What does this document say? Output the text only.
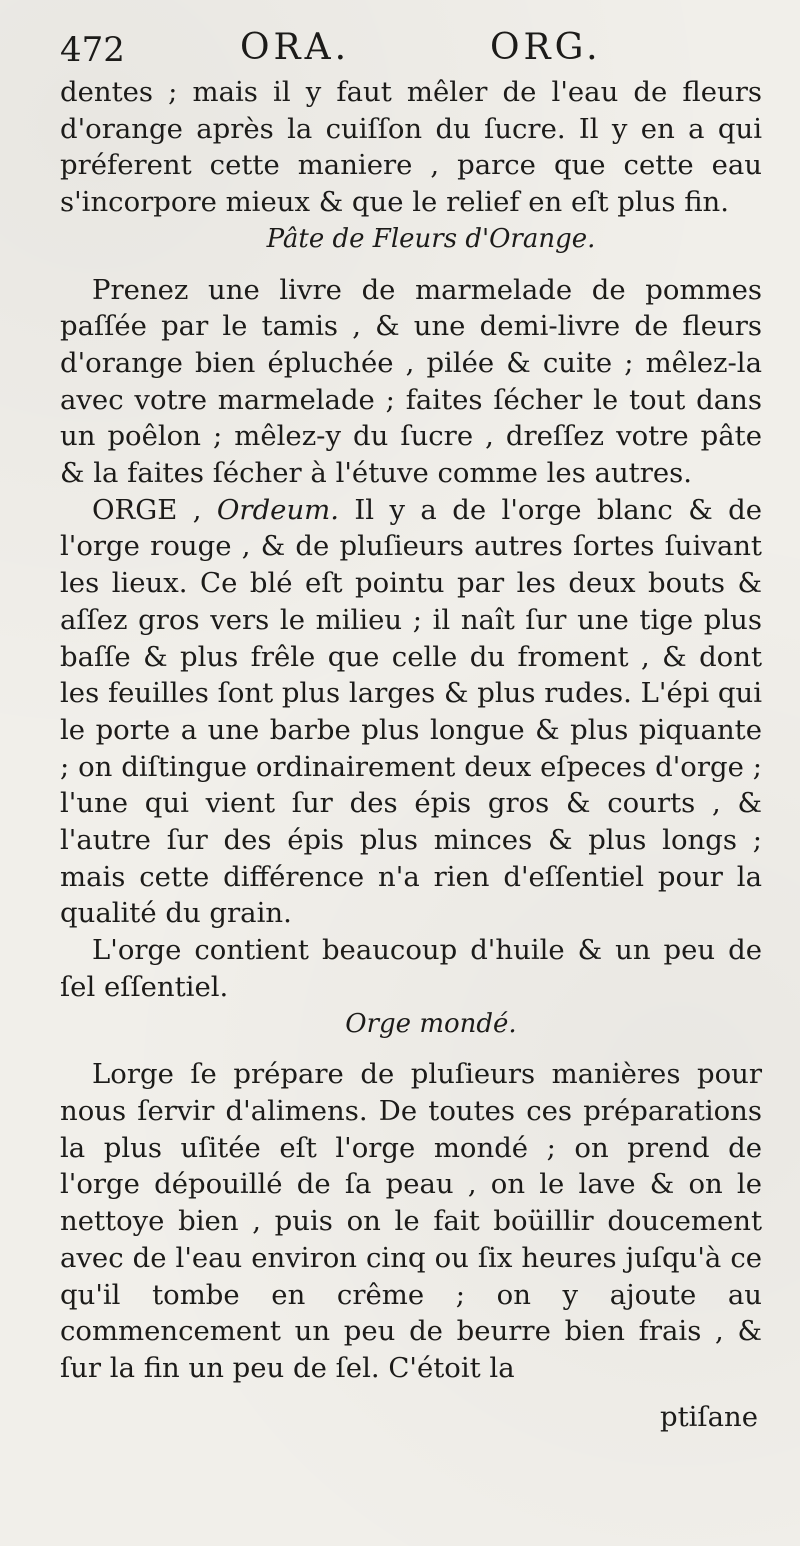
472	ORA.	ORG.

dentes ; mais il y faut mêler de l'eau de fleurs d'orange après la cuiſſon du ſucre. Il y en a qui préferent cette maniere , parce que cette eau s'incorpore mieux & que le relief en eſt plus fin.

Pâte de Fleurs d'Orange.

Prenez une livre de marmelade de pommes paſſée par le tamis , & une demi-livre de fleurs d'orange bien épluchée , pilée & cuite ; mêlez-la avec votre marmelade ; faites ſécher le tout dans un poêlon ; mêlez-y du ſucre , dreſſez votre pâte & la faites ſécher à l'étuve comme les autres.

ORGE , Ordeum. Il y a de l'orge blanc & de l'orge rouge , & de pluſieurs autres ſortes ſuivant les lieux. Ce blé eſt pointu par les deux bouts & aſſez gros vers le milieu ; il naît ſur une tige plus baſſe & plus frêle que celle du froment , & dont les feuilles ſont plus larges & plus rudes. L'épi qui le porte a une barbe plus longue & plus piquante ; on diſtingue ordinairement deux eſpeces d'orge ; l'une qui vient ſur des épis gros & courts , & l'autre ſur des épis plus minces & plus longs ; mais cette différence n'a rien d'eſſentiel pour la qualité du grain.

L'orge contient beaucoup d'huile & un peu de ſel eſſentiel.

Orge mondé.

Lorge ſe prépare de pluſieurs manières pour nous ſervir d'alimens. De toutes ces préparations la plus uſitée eſt l'orge mondé ; on prend de l'orge dépouillé de ſa peau , on le lave & on le nettoye bien , puis on le fait boüillir doucement avec de l'eau environ cinq ou ſix heures juſqu'à ce qu'il tombe en crême ; on y ajoute au commencement un peu de beurre bien frais , & ſur la fin un peu de ſel. C'étoit la

ptiſane
